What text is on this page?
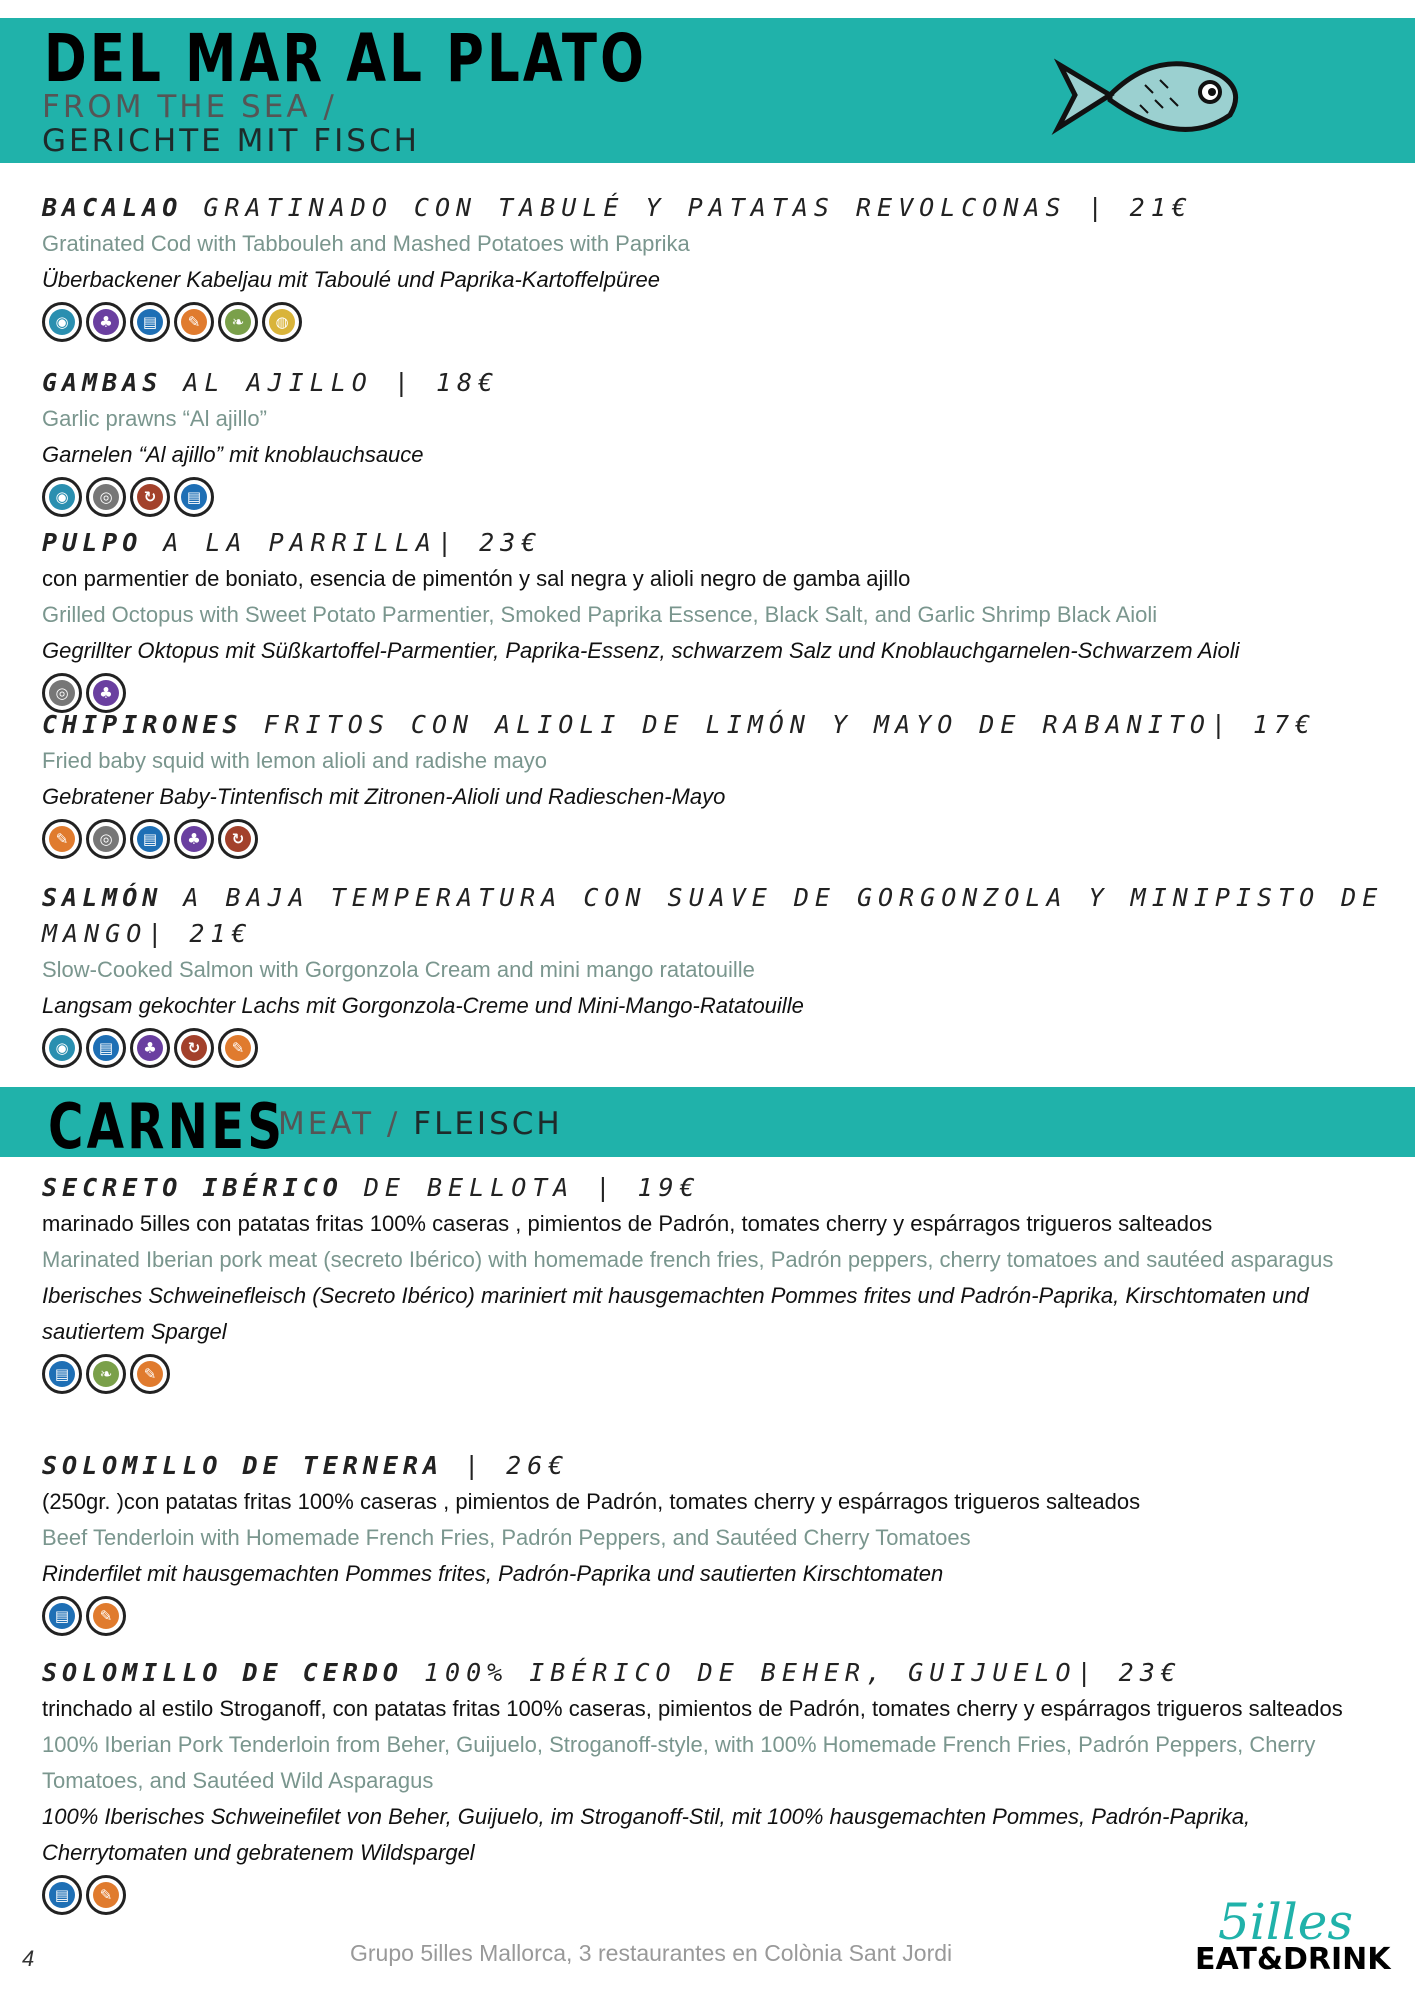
DEL MAR AL PLATO
FROM THE SEA /
GERICHTE MIT FISCH
BACALAO GRATINADO CON TABULÉ Y PATATAS REVOLCONAS | 21€
Gratinated Cod with Tabbouleh and Mashed Potatoes with Paprika
Überbackener Kabeljau mit Taboulé und Paprika-Kartoffelpüree
◉	♣	▤	✎	❧	◍
GAMBAS AL AJILLO | 18€
Garlic prawns “Al ajillo”
Garnelen “Al ajillo” mit knoblauchsauce
◉	◎	↻	▤
PULPO A LA PARRILLA| 23€
con parmentier de boniato, esencia de pimentón y sal negra y alioli negro de gamba ajillo
Grilled Octopus with Sweet Potato Parmentier, Smoked Paprika Essence, Black Salt, and Garlic Shrimp Black Aioli
Gegrillter Oktopus mit Süßkartoffel-Parmentier, Paprika-Essenz, schwarzem Salz und Knoblauchgarnelen-Schwarzem Aioli
◎	♣
CHIPIRONES FRITOS CON ALIOLI DE LIMÓN Y MAYO DE RABANITO| 17€
Fried baby squid with lemon alioli and radishe mayo
Gebratener Baby-Tintenfisch mit Zitronen-Alioli und Radieschen-Mayo
✎	◎	▤	♣	↻
SALMÓN A BAJA TEMPERATURA CON SUAVE DE GORGONZOLA Y MINIPISTO DE MANGO| 21€
Slow-Cooked Salmon with Gorgonzola Cream and mini mango ratatouille
Langsam gekochter Lachs mit Gorgonzola-Creme und Mini-Mango-Ratatouille
◉	▤	♣	↻	✎
CARNES
MEAT / FLEISCH
SECRETO IBÉRICO DE BELLOTA | 19€
marinado 5illes con patatas fritas 100% caseras , pimientos de Padrón, tomates cherry y espárragos trigueros salteados
Marinated Iberian pork meat (secreto Ibérico) with homemade french fries, Padrón peppers, cherry tomatoes and sautéed asparagus
Iberisches Schweinefleisch (Secreto Ibérico) mariniert mit hausgemachten Pommes frites und Padrón-Paprika, Kirschtomaten und sautiertem Spargel
▤	❧	✎
SOLOMILLO DE TERNERA | 26€
(250gr. )con patatas fritas 100% caseras , pimientos de Padrón, tomates cherry y espárragos trigueros salteados
Beef Tenderloin with Homemade French Fries, Padrón Peppers, and Sautéed Cherry Tomatoes
Rinderfilet mit hausgemachten Pommes frites, Padrón-Paprika und sautierten Kirschtomaten
▤	✎
SOLOMILLO DE CERDO 100% IBÉRICO DE BEHER, GUIJUELO| 23€
trinchado al estilo Stroganoff, con patatas fritas 100% caseras, pimientos de Padrón, tomates cherry y espárragos trigueros salteados
100% Iberian Pork Tenderloin from Beher, Guijuelo, Stroganoff-style, with 100% Homemade French Fries, Padrón Peppers, Cherry Tomatoes, and Sautéed Wild Asparagus
100% Iberisches Schweinefilet von Beher, Guijuelo, im Stroganoff-Stil, mit 100% hausgemachten Pommes, Padrón-Paprika, Cherrytomaten und gebratenem Wildspargel
▤	✎
4	Grupo 5illes Mallorca, 3 restaurantes en Colònia Sant Jordi
5illes
EAT&DRINK
